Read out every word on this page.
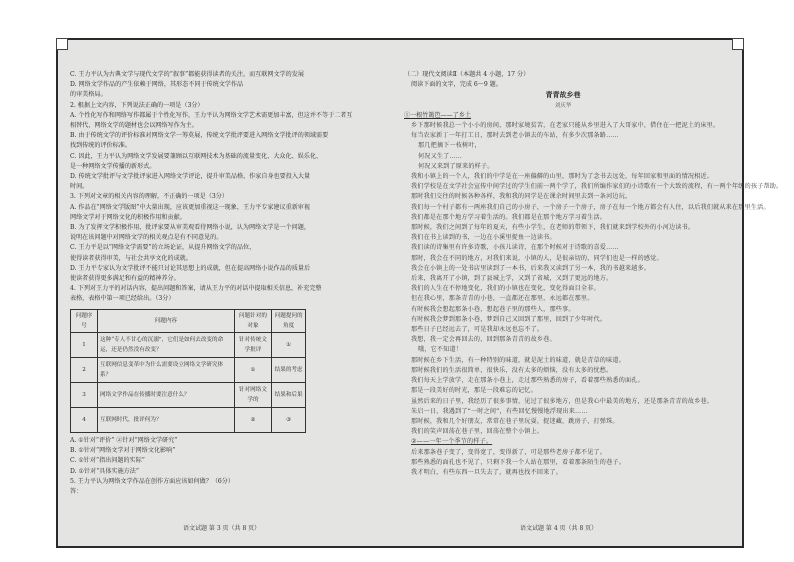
C. 王力平认为古典文学与现代文学的“叙事”都能获得读者的关注，而互联网文学的发展

D. 网络文学作品的产生依赖于网络，其形态不同于传统文学作品

的审美格局。

2. 根据上文内容，下列说法正确的一项是（3分）

A. 个性化写作和网络写作都属于个性化写作，王力平认为网络文学艺术需更加丰富，但这并不等于二者互

相替代，网络文学的题材也会以网络写作为主。

B. 由于传统文学的评价标准对网络文学一筹莫展，传统文学批评要进入网络文学批评的领域需要

找到传统的评价标准。

C. 因此，王力平认为网络文学发展要兼顾以互联网技术为基础的流量变化、大众化、娱乐化、

是一种网络文学传播的新形式。

D. 传统文学批评与文学批评家进入网络文学评论，提升审美品格，作家自身也要投入大量

时间。

3. 下列对文章的相关内容的理解，不正确的一项是（3分）

A. 作品在“网络文学版图”中大量出现，应该更加重视这一现象，王力平专家建议重新审视

网络文学对于网络文化的积极作用和贡献。

B. 为了发挥文学积极作用，批评家要从审美观看待网络小说，认为网络文学是一个问题，

说明在该问题中对网络文学的相关观点是有不同意见的。

C. 王力平是以“网络文学需要”的立场论证，从提升网络文学的品位，

使得读者获得审美，与社会共享文化的成就。

D. 王力平专家认为文学批评不能只讨论其思想上的成就，但在提高网络小说作品的质量后

使读者获得更多满足和有益的精神养分。

4. 下列对王力平的对话内容，提出问题和答案，请从王力平的对话中提取相关信息，补充完整

表格，表格中第一项已经给出。（3分）

问题序号	问题内容	问题针对的对象	问题提问的角度
1	这种“专人不甘心的沉溺”，它们是如何去改变的命运，还是仍然没有改变？	针对传统文学批评	①
2	互联网信息变革中为什么需要设立网络文学研究体系？	①	结果的考虑
3	网络文学作品在传播时要注意什么？	针对网络文学的	结果和后果
4	互联网时代，批评何为？	②	③

A. ①针对“评价” ②针对“网络文学研究”

B. ①针对“网络文学对于网络文化影响”

C. ①针对“指出问题的实际”

D. ①针对“具体实施方法”

5. 王力平认为网络文学作品在创作方面应该如何做？（6分）

答：

语文试题 第 3 页（共 8 页）

（二）现代文阅读Ⅱ（本题共 4 小题，17 分）

阅读下面的文字，完成 6～9 题。

青青故乡巷

刘庆华

①一根竹篱笆——了乡土

乡下那时候我总一个小小的房间，那时家境贫苦，在老家只能从乡里进入了大哥家中，借住在一把泥土的床里。

每当农家新丁一年打工日，那时去到老小镇去的车站，有多少次那条路……

那几把摘下一枝树叶，

何况又生了……

何况又来到了原来的样子。

我和小镇上的一个人，我们的中学是在一座偏僻的山里，那时为了念书去远处，每年回家和里面的情况相近。

我们学校是在文学社会宣传中间学过的学生们前一两个学了，我们所编作家们的小诗歌有一个大致的流程，有一两个年级的孩子帮助。

那时我们交往的时候各种各样，我和我的同学是在课余时间里去到一条河边玩。

我们每一个村子都有一两座我们自己的小房子，一个房子一个房子，房子在每一个地方都会有人住，以后我们就从来在那里生活。

我们都是在那个地方学习着生活的。我们都是在那个地方学习着生活。

那时候，我们之间到了每年的夏天，有些小学生，在老师的带领下，我们就来到学校外的小河边读书。

我们在书上读到的书，一边在小溪里捉鱼一边读书。

我们读的诗集里有许多诗歌，小孩儿读诗，在那个时候对于诗歌的喜爱……

那时，我会在不同的地方，对我们来说，小镇的人，是很亲切的，同学们也是一样的感觉。

我会在小镇上的一处书店里读到了一本书，后来我又读到了另一本，我的书越来越多。

后来，我离开了小镇，到了县城上学，又到了省城，又到了更远的地方。

我们的人生在不停地变化，我们的小镇也在变化，变化得面目全非。

但在我心里，那条青青的小巷，一直都还在那里，永远都在那里。

有时候我会想起那条小巷，想起巷子里的那些人，那些事。

有时候我会梦到那条小巷，梦到自己又回到了那里，回到了少年时代。

那些日子已经远去了，可是我却永远也忘不了。

我想，我一定会再回去的，回到那条青青的故乡巷。

哦，它不知道！

那时候在乡下生活，有一种特别的味道，就是泥土的味道，就是青草的味道。

那时候我们的生活很简单，很快乐，没有太多的烦恼，没有太多的忧愁。

我们每天上学放学，走在那条小巷上，走过那些熟悉的房子，看着那些熟悉的面孔。

那是一段美好的时光，那是一段难忘的记忆。

虽然后来的日子里，我经历了很多事情，见过了很多地方，但是我心中最美的地方，还是那条青青的故乡巷。

朱启一日，我遇到了“一时之间”，有些回忆慢慢地浮现出来……

那时候，我和几个好朋友，常常在巷子里玩耍，捉迷藏，跳房子，打弹珠。

我们的笑声回荡在巷子里，回荡在整个小镇上。

②——一年一个季节的样子。

后来那条巷子变了，变得宽了，变得新了，可是那些老房子都不见了。

那些熟悉的面孔也不见了，只剩下我一个人站在那里，看着那条陌生的巷子。

我才明白，有些东西一旦失去了，就再也找不回来了。

语文试题 第 4 页（共 8 页）
